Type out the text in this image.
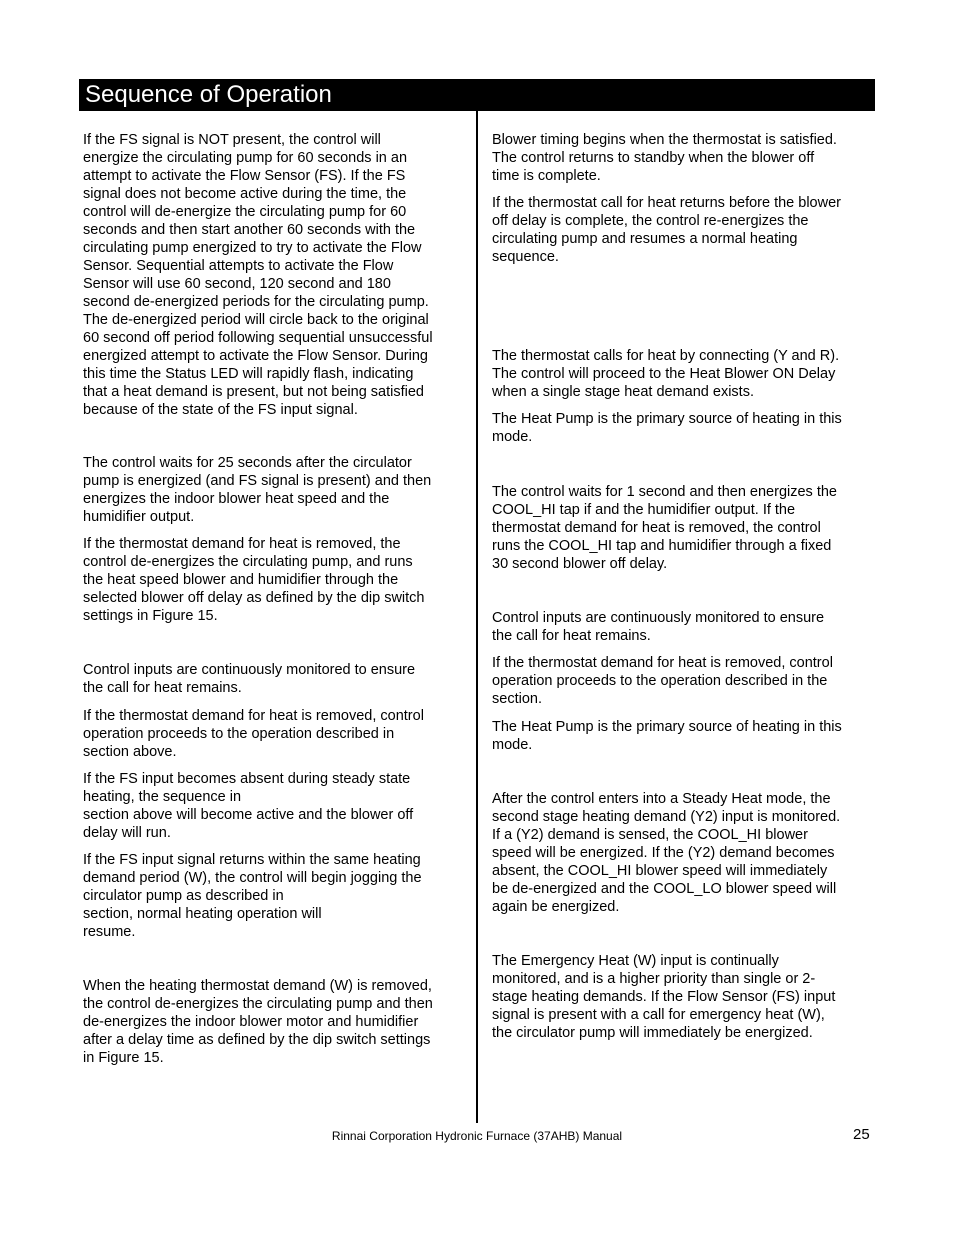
Sequence of Operation

If the FS signal is NOT present, the control will
energize the circulating pump for 60 seconds in an
attempt to activate the Flow Sensor (FS). If the FS
signal does not become active during the time, the
control will de-energize the circulating pump for 60
seconds and then start another 60 seconds with the
circulating pump energized to try to activate the Flow
Sensor. Sequential attempts to activate the Flow
Sensor will use 60 second, 120 second and 180
second de-energized periods for the circulating pump.
The de-energized period will circle back to the original
60 second off period following sequential unsuccessful
energized attempt to activate the Flow Sensor. During
this time the Status LED will rapidly flash, indicating
that a heat demand is present, but not being satisfied
because of the state of the FS input signal.

The control waits for 25 seconds after the circulator
pump is energized (and FS signal is present) and then
energizes the indoor blower heat speed and the
humidifier output.

If the thermostat demand for heat is removed, the
control de-energizes the circulating pump, and runs
the heat speed blower and humidifier through the
selected blower off delay as defined by the dip switch
settings in Figure 15.

Control inputs are continuously monitored to ensure
the call for heat remains.

If the thermostat demand for heat is removed, control
operation proceeds to the operation described in
section above.

If the FS input becomes absent during steady state
heating, the sequence in
section above will become active and the blower off
delay will run.

If the FS input signal returns within the same heating
demand period (W), the control will begin jogging the
circulator pump as described in
section, normal heating operation will
resume.

When the heating thermostat demand (W) is removed,
the control de-energizes the circulating pump and then
de-energizes the indoor blower motor and humidifier
after a delay time as defined by the dip switch settings
in Figure 15.

Blower timing begins when the thermostat is satisfied.
The control returns to standby when the blower off
time is complete.

If the thermostat call for heat returns before the blower
off delay is complete, the control re-energizes the
circulating pump and resumes a normal heating
sequence.

The thermostat calls for heat by connecting (Y and R).
The control will proceed to the Heat Blower ON Delay
when a single stage heat demand exists.

The Heat Pump is the primary source of heating in this
mode.

The control waits for 1 second and then energizes the
COOL_HI tap if and the humidifier output. If the
thermostat demand for heat is removed, the control
runs the COOL_HI tap and humidifier through a fixed
30 second blower off delay.

Control inputs are continuously monitored to ensure
the call for heat remains.

If the thermostat demand for heat is removed, control
operation proceeds to the operation described in the
section.

The Heat Pump is the primary source of heating in this
mode.

After the control enters into a Steady Heat mode, the
second stage heating demand (Y2) input is monitored.
If a (Y2) demand is sensed, the COOL_HI blower
speed will be energized. If the (Y2) demand becomes
absent, the COOL_HI blower speed will immediately
be de-energized and the COOL_LO blower speed will
again be energized.

The Emergency Heat (W) input is continually
monitored, and is a higher priority than single or 2-
stage heating demands. If the Flow Sensor (FS) input
signal is present with a call for emergency heat (W),
the circulator pump will immediately be energized.

Rinnai Corporation Hydronic Furnace (37AHB) Manual	25
